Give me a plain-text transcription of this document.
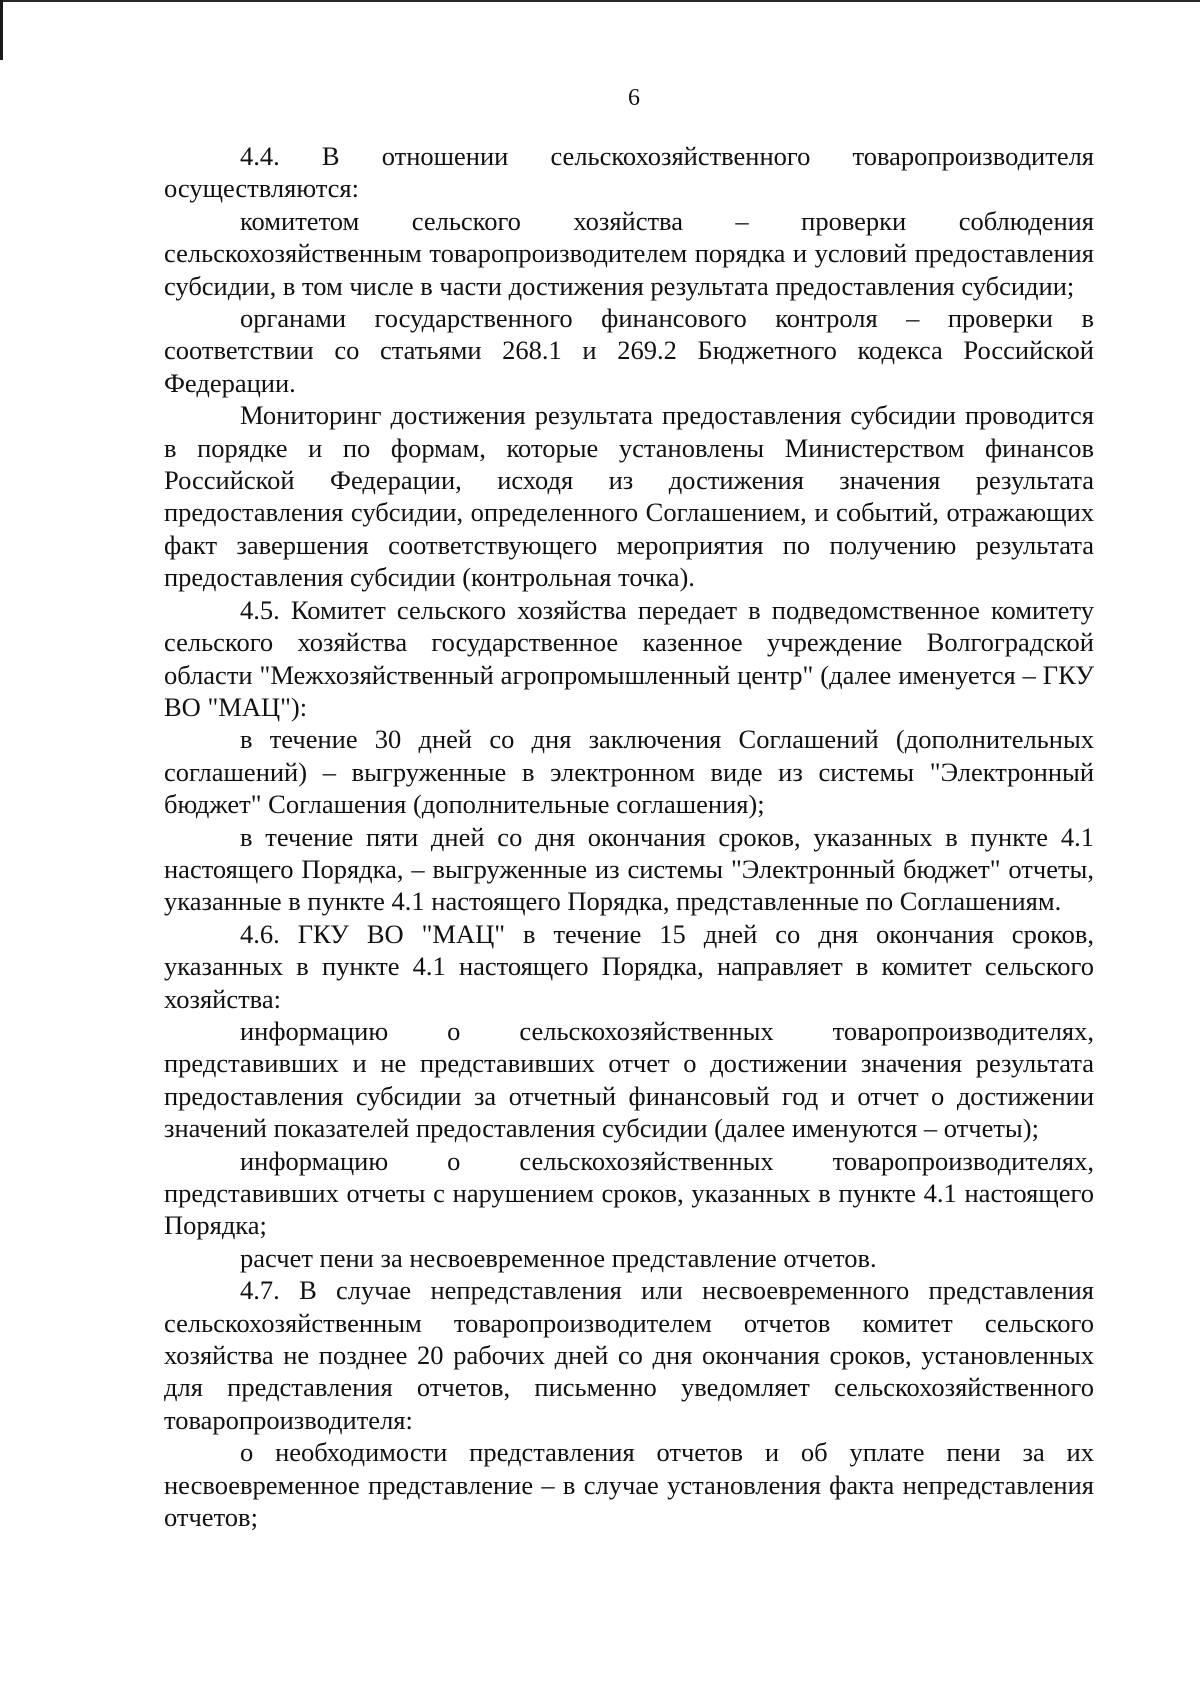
6

4.4. В отношении сельскохозяйственного товаропроизводителя осуществляются:

комитетом сельского хозяйства – проверки соблюдения сельскохозяйственным товаропроизводителем порядка и условий предоставления субсидии, в том числе в части достижения результата предоставления субсидии;

органами государственного финансового контроля – проверки в соответствии со статьями 268.1 и 269.2 Бюджетного кодекса Российской Федерации.

Мониторинг достижения результата предоставления субсидии проводится в порядке и по формам, которые установлены Министерством финансов Российской Федерации, исходя из достижения значения результата предоставления субсидии, определенного Соглашением, и событий, отражающих факт завершения соответствующего мероприятия по получению результата предоставления субсидии (контрольная точка).

4.5. Комитет сельского хозяйства передает в подведомственное комитету сельского хозяйства государственное казенное учреждение Волгоградской области "Межхозяйственный агропромышленный центр" (далее именуется – ГКУ ВО "МАЦ"):

в течение 30 дней со дня заключения Соглашений (дополнительных соглашений) – выгруженные в электронном виде из системы "Электронный бюджет" Соглашения (дополнительные соглашения);

в течение пяти дней со дня окончания сроков, указанных в пункте 4.1 настоящего Порядка, – выгруженные из системы "Электронный бюджет" отчеты, указанные в пункте 4.1 настоящего Порядка, представленные по Соглашениям.

4.6. ГКУ ВО "МАЦ" в течение 15 дней со дня окончания сроков, указанных в пункте 4.1 настоящего Порядка, направляет в комитет сельского хозяйства:

информацию о сельскохозяйственных товаропроизводителях, представивших и не представивших отчет о достижении значения результата предоставления субсидии за отчетный финансовый год и отчет о достижении значений показателей предоставления субсидии (далее именуются – отчеты);

информацию о сельскохозяйственных товаропроизводителях, представивших отчеты с нарушением сроков, указанных в пункте 4.1 настоящего Порядка;

расчет пени за несвоевременное представление отчетов.

4.7. В случае непредставления или несвоевременного представления сельскохозяйственным товаропроизводителем отчетов комитет сельского хозяйства не позднее 20 рабочих дней со дня окончания сроков, установленных для представления отчетов, письменно уведомляет сельскохозяйственного товаропроизводителя:

о необходимости представления отчетов и об уплате пени за их несвоевременное представление – в случае установления факта непредставления отчетов;
